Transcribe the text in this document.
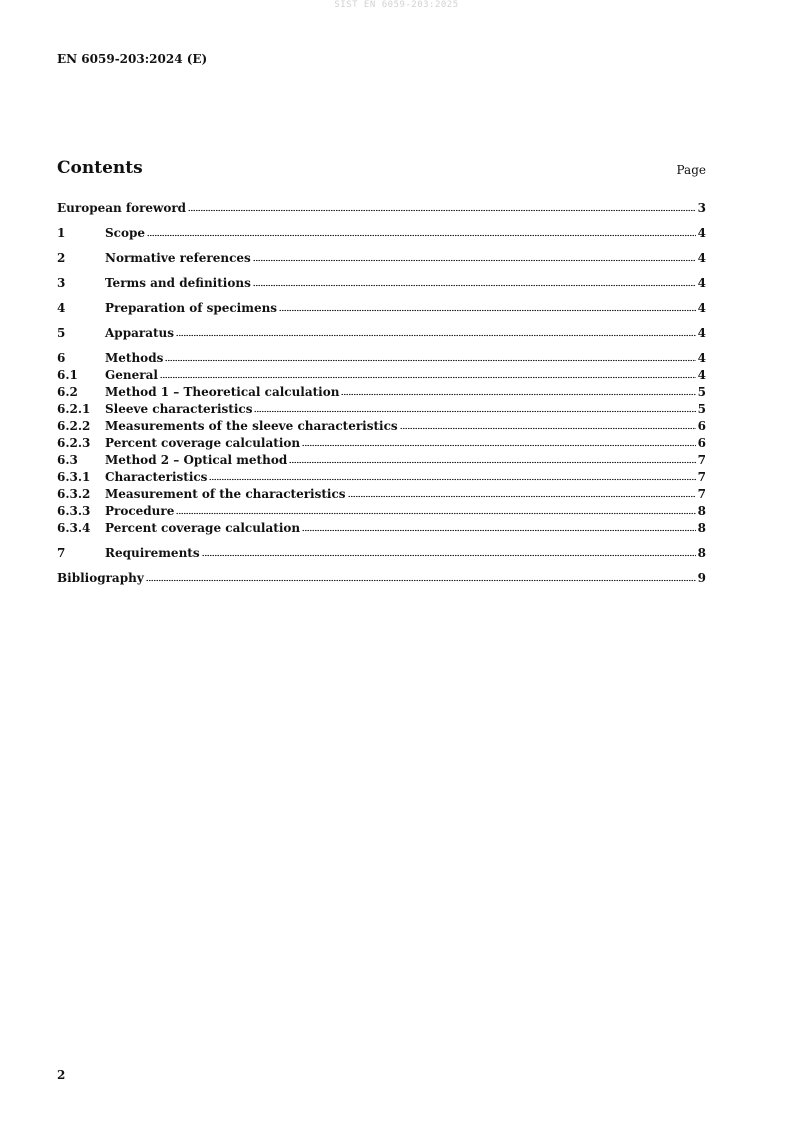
SIST EN 6059-203:2025
EN 6059-203:2024 (E)
Contents	Page
European foreword	3
1	Scope	4
2	Normative references	4
3	Terms and definitions	4
4	Preparation of specimens	4
5	Apparatus	4
6	Methods	4
6.1	General	4
6.2	Method 1 – Theoretical calculation	5
6.2.1	Sleeve characteristics	5
6.2.2	Measurements of the sleeve characteristics	6
6.2.3	Percent coverage calculation	6
6.3	Method 2 – Optical method	7
6.3.1	Characteristics	7
6.3.2	Measurement of the characteristics	7
6.3.3	Procedure	8
6.3.4	Percent coverage calculation	8
7	Requirements	8
Bibliography	9
2
